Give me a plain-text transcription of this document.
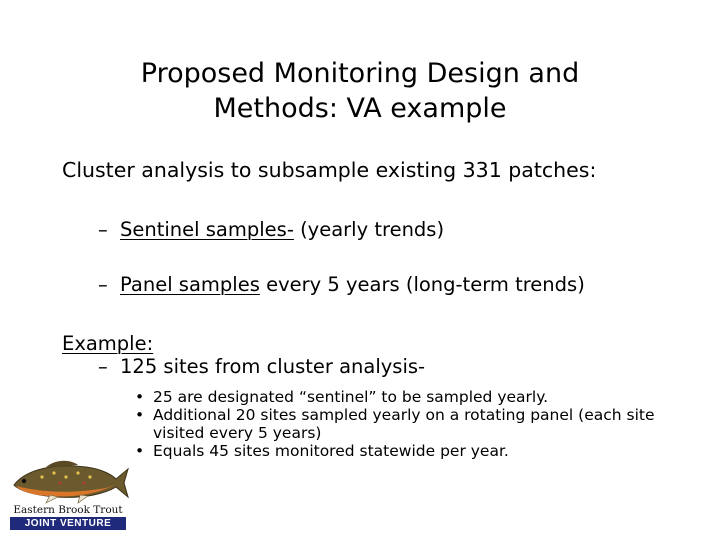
Proposed Monitoring Design and
Methods: VA example
Cluster analysis to subsample existing 331 patches:
– Sentinel samples- (yearly trends)
– Panel samples every 5 years (long-term trends)
Example:
– 125 sites from cluster analysis-
• 25 are designated “sentinel” to be sampled yearly.
• Additional 20 sites sampled yearly on a rotating panel (each site visited every 5 years)
• Equals 45 sites monitored statewide per year.
Eastern Brook Trout
JOINT VENTURE
